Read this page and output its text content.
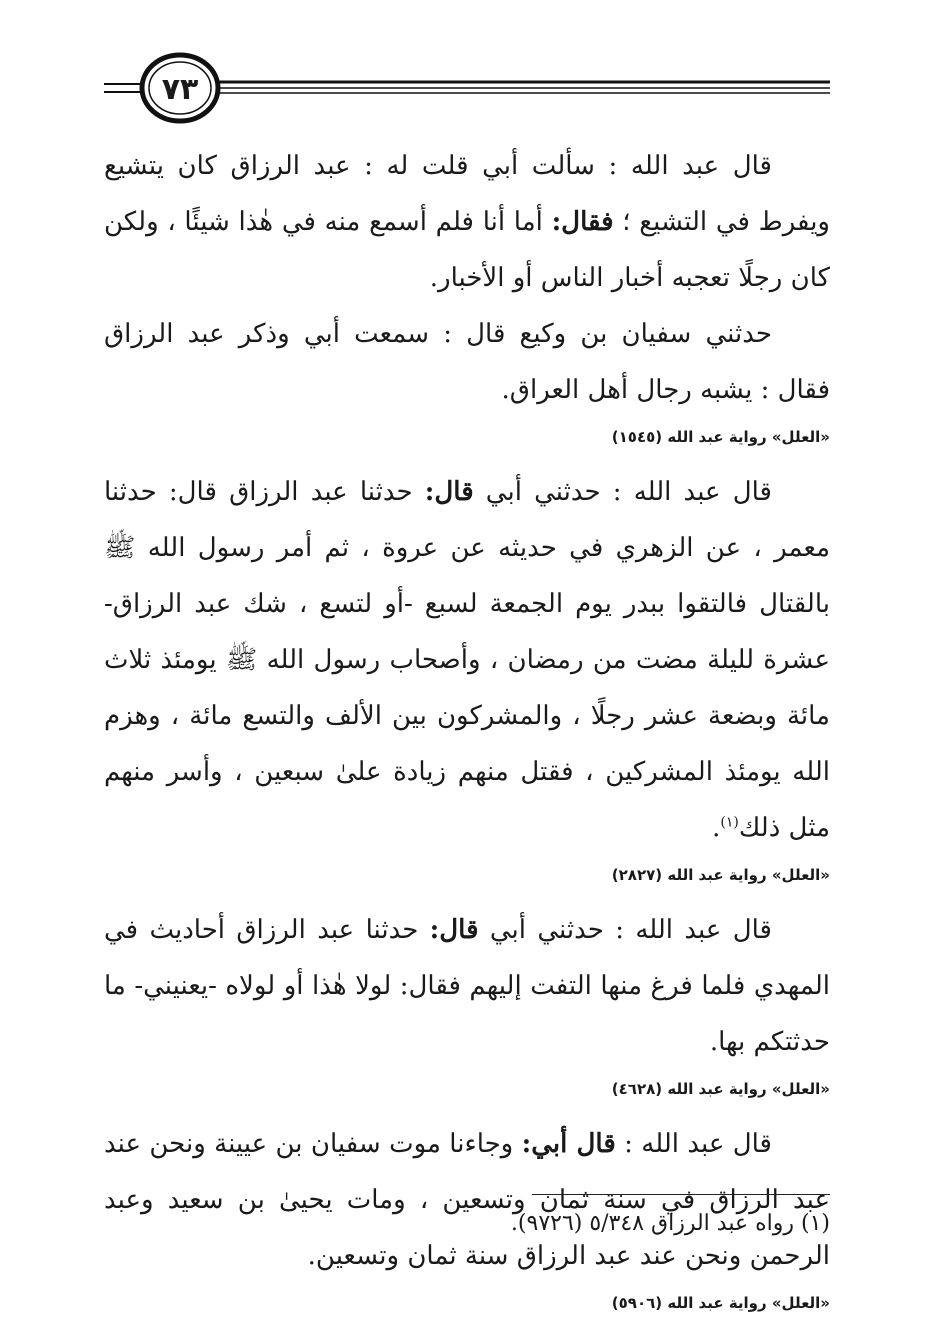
٧٣

قال عبد الله : سألت أبي قلت له : عبد الرزاق كان يتشيع ويفرط في التشيع ؛ فقال: أما أنا فلم أسمع منه في هٰذا شيئًا ، ولكن كان رجلًا تعجبه أخبار الناس أو الأخبار.

حدثني سفيان بن وكيع قال : سمعت أبي وذكر عبد الرزاق فقال : يشبه رجال أهل العراق.

«العلل» رواية عبد الله (١٥٤٥)

قال عبد الله : حدثني أبي قال: حدثنا عبد الرزاق قال: حدثنا معمر ، عن الزهري في حديثه عن عروة ، ثم أمر رسول الله ﷺ بالقتال فالتقوا ببدر يوم الجمعة لسبع -أو لتسع ، شك عبد الرزاق- عشرة لليلة مضت من رمضان ، وأصحاب رسول الله ﷺ يومئذ ثلاث مائة وبضعة عشر رجلًا ، والمشركون بين الألف والتسع مائة ، وهزم الله يومئذ المشركين ، فقتل منهم زيادة علىٰ سبعين ، وأسر منهم مثل ذلك$^{(١)}$.

«العلل» رواية عبد الله (٢٨٢٧)

قال عبد الله : حدثني أبي قال: حدثنا عبد الرزاق أحاديث في المهدي فلما فرغ منها التفت إليهم فقال: لولا هٰذا أو لولاه -يعنيني- ما حدثتكم بها.

«العلل» رواية عبد الله (٤٦٢٨)

قال عبد الله : قال أبي: وجاءنا موت سفيان بن عيينة ونحن عند عبد الرزاق في سنة ثمان وتسعين ، ومات يحيىٰ بن سعيد وعبد الرحمن ونحن عند عبد الرزاق سنة ثمان وتسعين.

«العلل» رواية عبد الله (٥٩٠٦)
(١) رواه عبد الرزاق ٥/٣٤٨ (٩٧٢٦).
